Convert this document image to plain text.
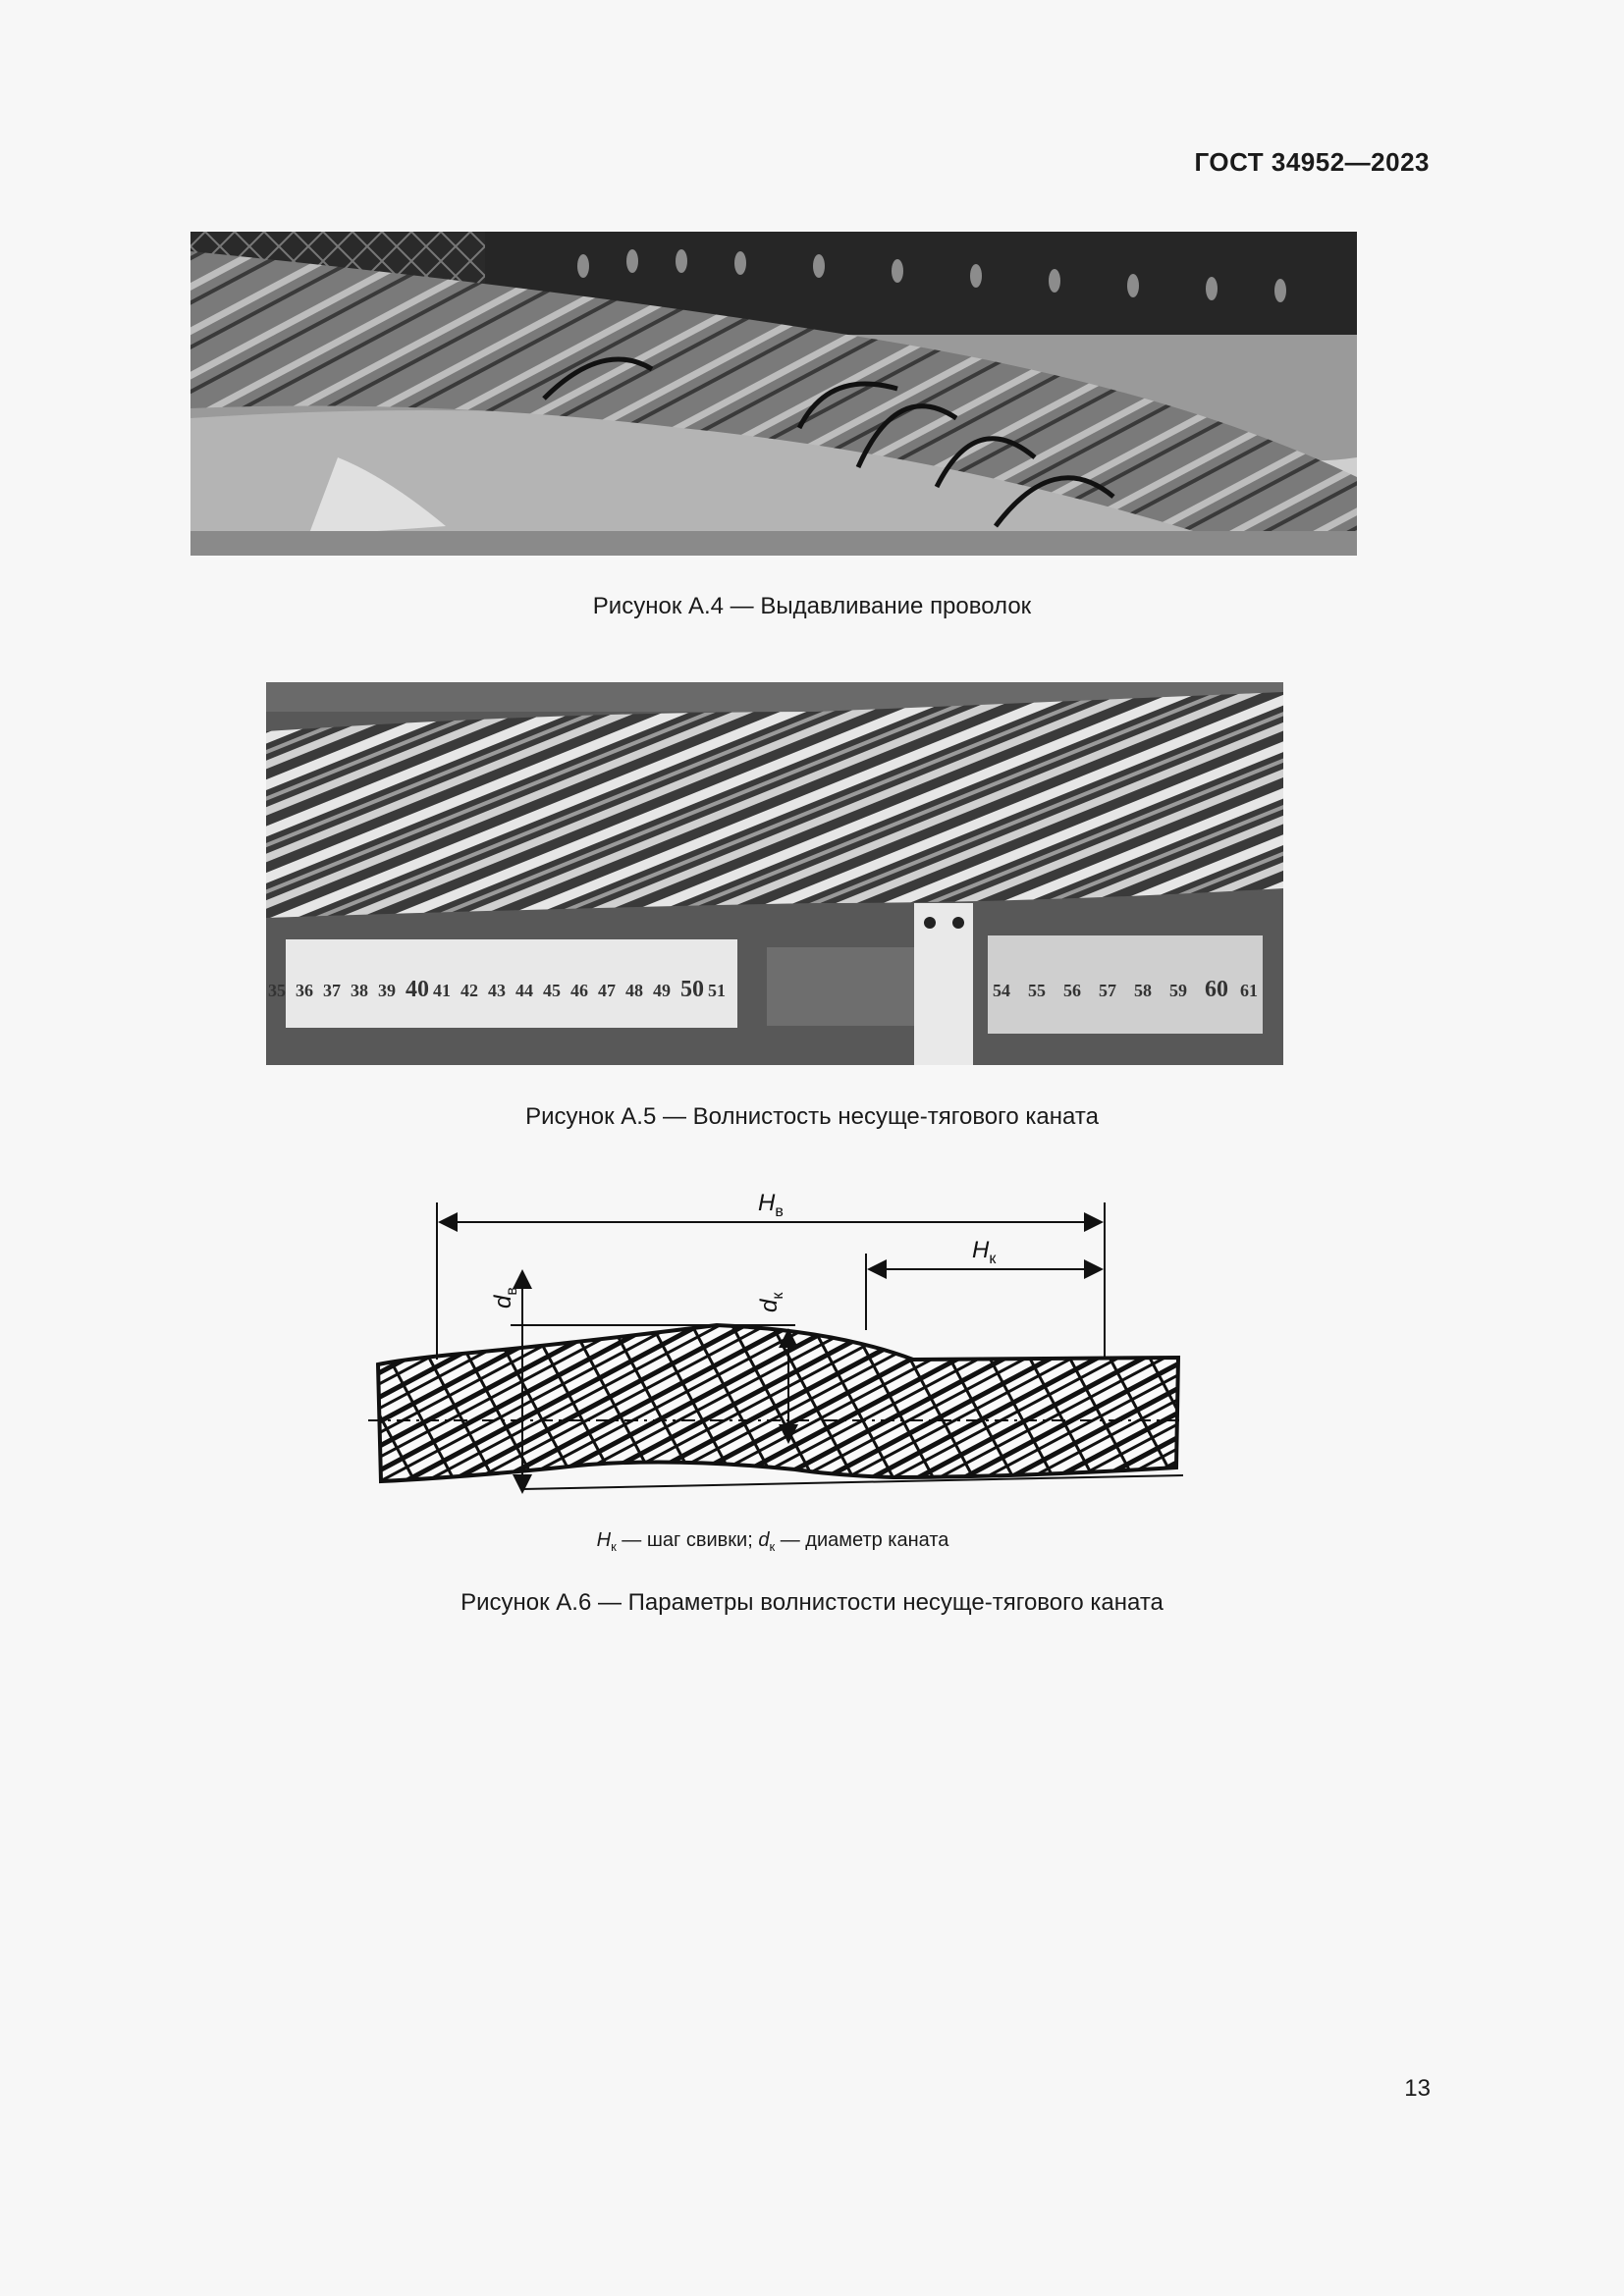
ГОСТ 34952—2023
Рисунок А.4 — Выдавливание проволок
35 36 37 38 39 40 41 42 43 44 45 46 47 48 49 50 51	54 55 56 57 58 59 60 61
Рисунок А.5 — Волнистость несуще-тягового каната
$Н_в$
$Н_к$
$d_в$
$d_к$
$Н_к$ — шаг свивки; $d_к$ — диаметр каната
Рисунок А.6 — Параметры волнистости несуще-тягового каната
13
